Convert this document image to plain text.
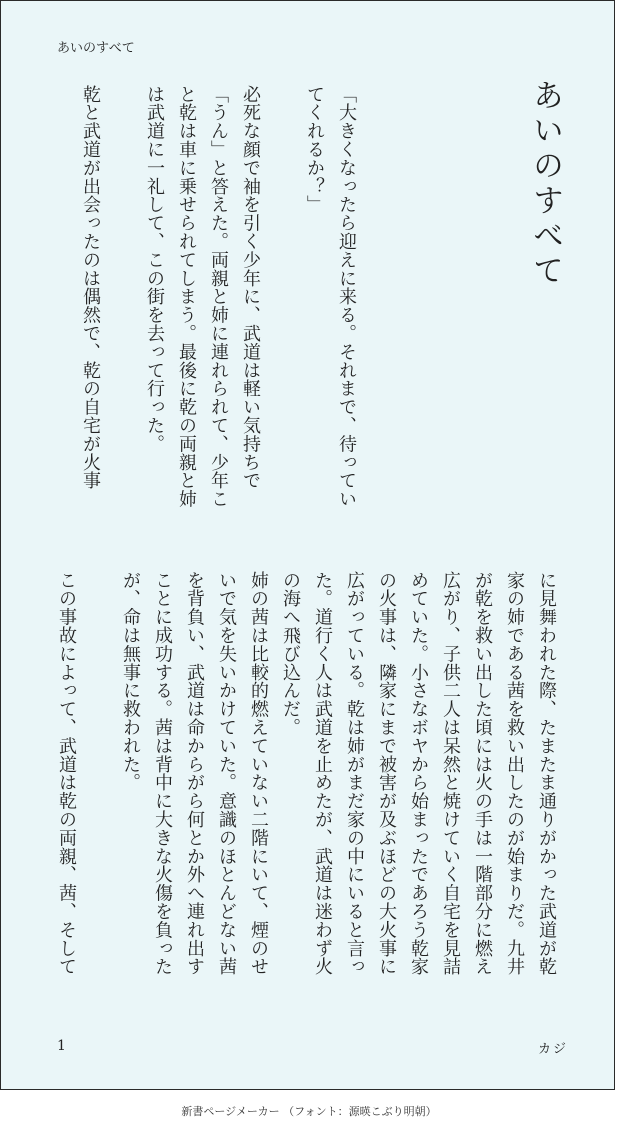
あいのすべて
あいのすべて
「大きくなったら迎えに来る。それまで、待っていてくれるか？」

必死な顔で袖を引く少年に、武道は軽い気持ちで「うん」と答えた。両親と姉に連れられて、少年こと乾は車に乗せられてしまう。最後に乾の両親と姉は武道に一礼して、この街を去って行った。

乾と武道が出会ったのは偶然で、乾の自宅が火事
に見舞われた際、たまたま通りがかった武道が乾家の姉である茜を救い出したのが始まりだ。九井が乾を救い出した頃には火の手は一階部分に燃え広がり、子供二人は呆然と焼けていく自宅を見詰めていた。小さなボヤから始まったであろう乾家の火事は、隣家にまで被害が及ぶほどの大火事に広がっている。乾は姉がまだ家の中にいると言った。道行く人は武道を止めたが、武道は迷わず火の海へ飛び込んだ。
姉の茜は比較的燃えていない二階にいて、煙のせいで気を失いかけていた。意識のほとんどない茜を背負い、武道は命からがら何とか外へ連れ出すことに成功する。茜は背中に大きな火傷を負ったが、命は無事に救われた。

この事故によって、武道は乾の両親、茜、そして
1	カジ
新書ページメーカー （フォント：源暎こぶり明朝）
